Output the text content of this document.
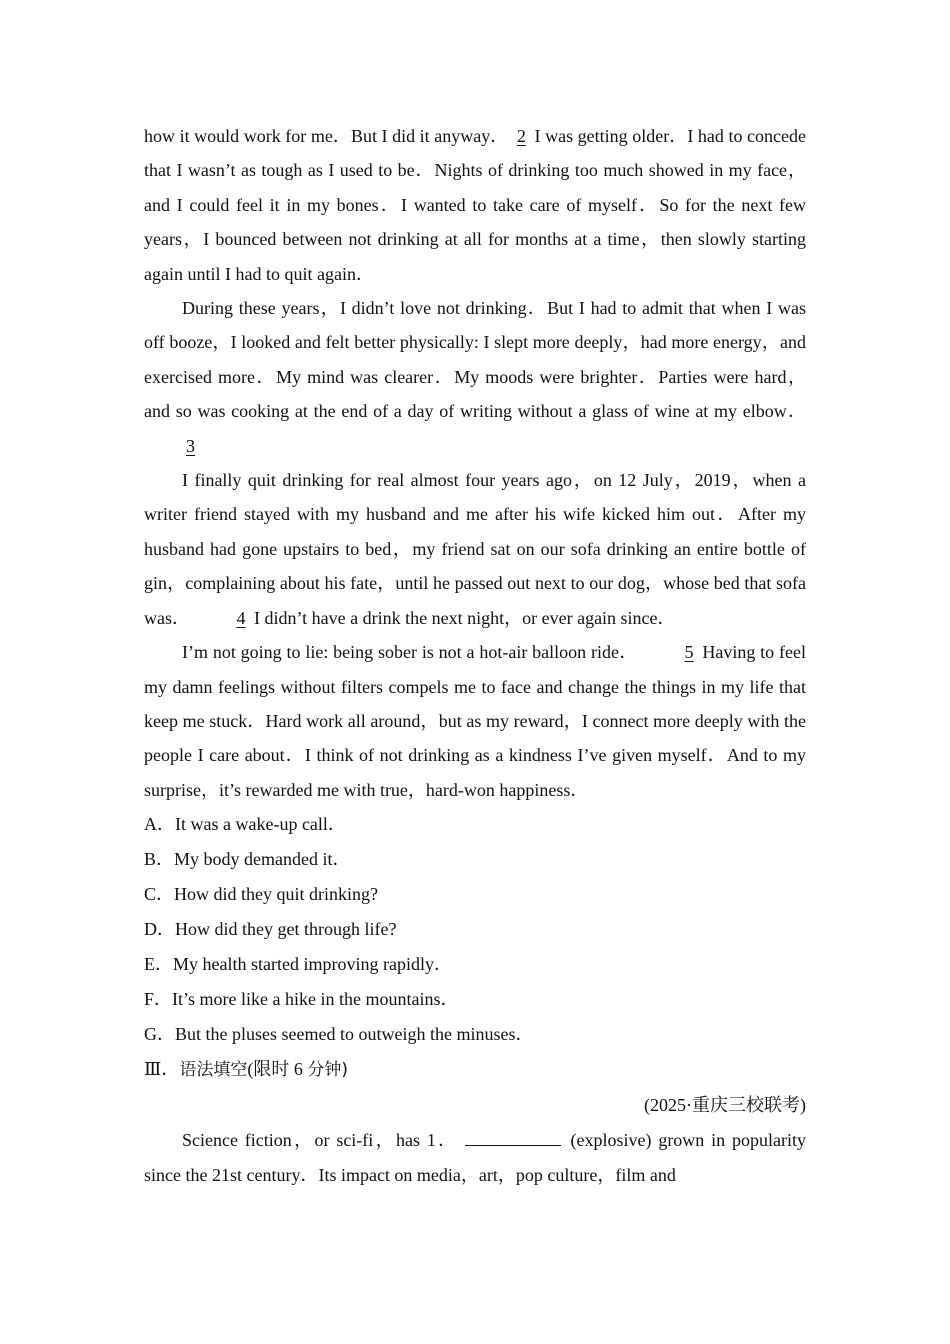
how it would work for me．But I did it anyway． 2 I was getting older．I had to concede that I wasn’t as tough as I used to be．Nights of drinking too much showed in my face，and I could feel it in my bones．I wanted to take care of myself．So for the next few years，I bounced between not drinking at all for months at a time，then slowly starting again until I had to quit again．

During these years，I didn’t love not drinking．But I had to admit that when I was off booze，I looked and felt better physically: I slept more deeply，had more energy，and exercised more．My mind was clearer．My moods were brighter．Parties were hard，and so was cooking at the end of a day of writing without a glass of wine at my elbow． 3

I finally quit drinking for real almost four years ago，on 12 July，2019，when a writer friend stayed with my husband and me after his wife kicked him out．After my husband had gone upstairs to bed，my friend sat on our sofa drinking an entire bottle of gin，complaining about his fate，until he passed out next to our dog，whose bed that sofa was．	4 I didn’t have a drink the next night，or ever again since．

I’m not going to lie: being sober is not a hot-air balloon ride．	5 Having to feel my damn feelings without filters compels me to face and change the things in my life that keep me stuck．Hard work all around，but as my reward，I connect more deeply with the people I care about．I think of not drinking as a kindness I’ve given myself．And to my surprise，it’s rewarded me with true，hard-won happiness．

A．It was a wake-up call．

B．My body demanded it．

C．How did they quit drinking?

D．How did they get through life?

E．My health started improving rapidly．

F．It’s more like a hike in the mountains．

G．But the pluses seemed to outweigh the minuses．

Ⅲ．语法填空(限时 6 分钟)

(2025·重庆三校联考)

Science fiction，or sci-fi，has 1．	(explosive) grown in popularity since the 21st century．Its impact on media，art，pop culture，film and
